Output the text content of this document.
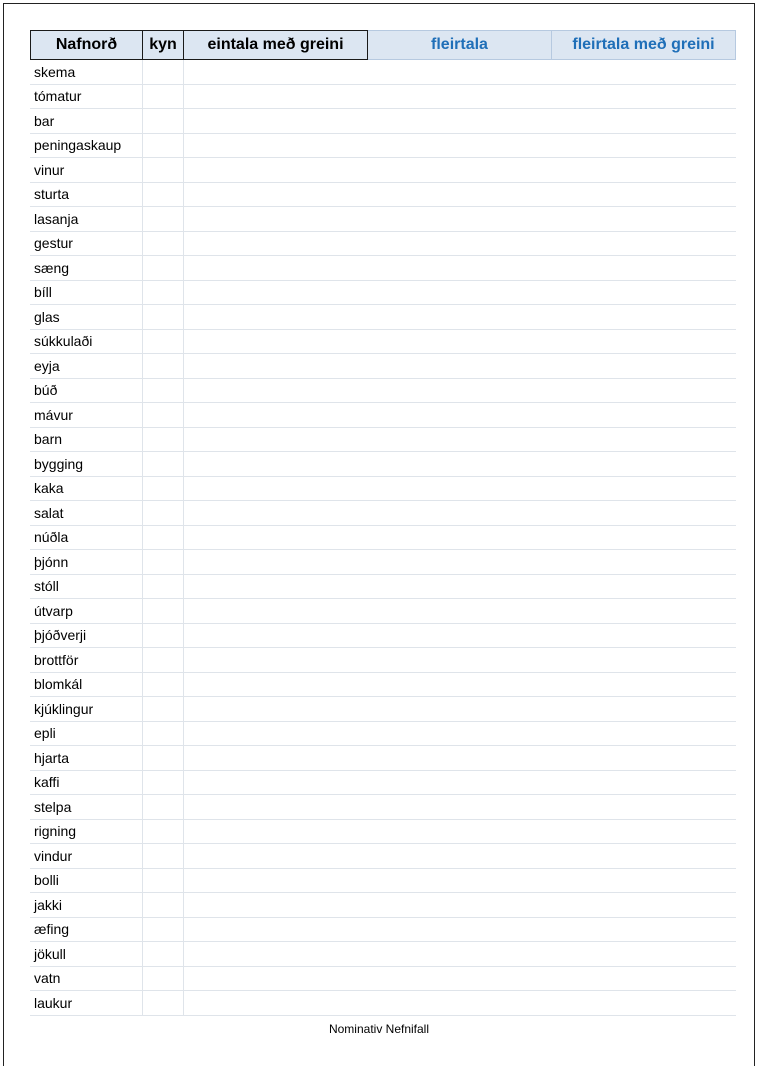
Nafnorð	kyn	eintala með greini	fleirtala	fleirtala með greini
skema
tómatur
bar
peningaskaup
vinur
sturta
lasanja
gestur
sæng
bíll
glas
súkkulaði
eyja
búð
mávur
barn
bygging
kaka
salat
núðla
þjónn
stóll
útvarp
þjóðverji
brottför
blomkál
kjúklingur
epli
hjarta
kaffi
stelpa
rigning
vindur
bolli
jakki
æfing
jökull
vatn
laukur
Nominativ Nefnifall
